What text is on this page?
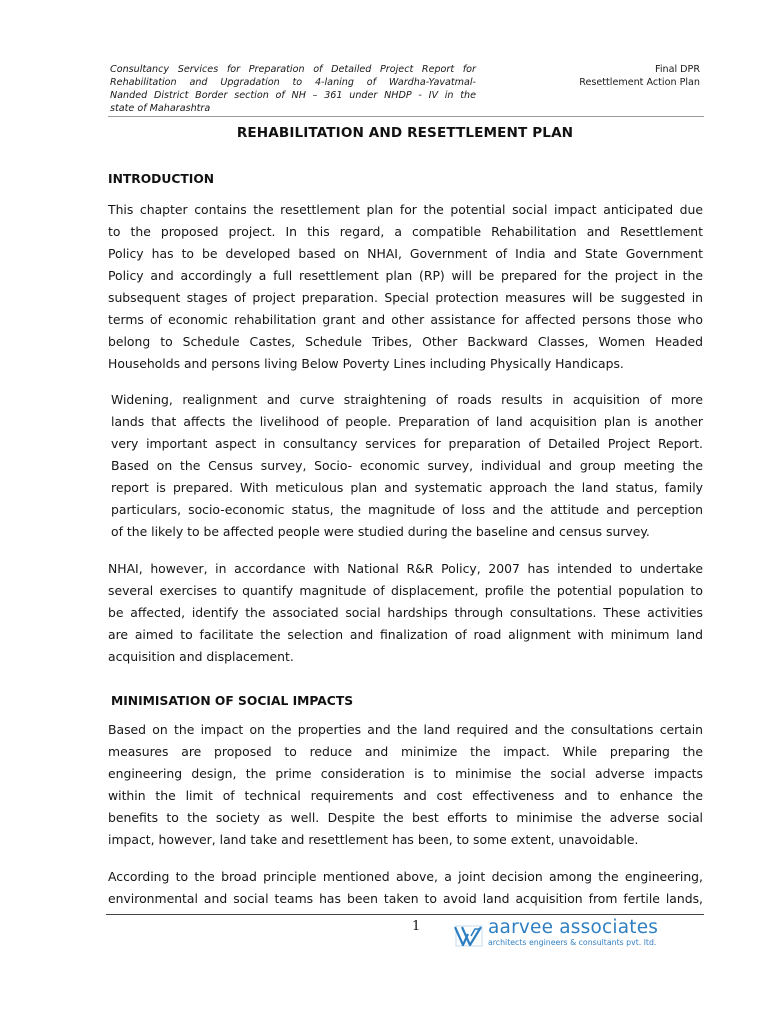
Consultancy Services for Preparation of Detailed Project Report for
Rehabilitation and Upgradation to 4-laning of Wardha-Yavatmal-
Nanded District Border section of NH – 361 under NHDP - IV in the
state of Maharashtra
Final DPR
Resettlement Action Plan
REHABILITATION AND RESETTLEMENT PLAN
INTRODUCTION
This chapter contains the resettlement plan for the potential social impact anticipated due
to the proposed project. In this regard, a compatible Rehabilitation and Resettlement
Policy has to be developed based on NHAI, Government of India and State Government
Policy and accordingly a full resettlement plan (RP) will be prepared for the project in the
subsequent stages of project preparation. Special protection measures will be suggested in
terms of economic rehabilitation grant and other assistance for affected persons those who
belong to Schedule Castes, Schedule Tribes, Other Backward Classes, Women Headed
Households and persons living Below Poverty Lines including Physically Handicaps.
Widening, realignment and curve straightening of roads results in acquisition of more
lands that affects the livelihood of people. Preparation of land acquisition plan is another
very important aspect in consultancy services for preparation of Detailed Project Report.
Based on the Census survey, Socio- economic survey, individual and group meeting the
report is prepared. With meticulous plan and systematic approach the land status, family
particulars, socio-economic status, the magnitude of loss and the attitude and perception
of the likely to be affected people were studied during the baseline and census survey.
NHAI, however, in accordance with National R&R Policy, 2007 has intended to undertake
several exercises to quantify magnitude of displacement, profile the potential population to
be affected, identify the associated social hardships through consultations. These activities
are aimed to facilitate the selection and finalization of road alignment with minimum land
acquisition and displacement.
MINIMISATION OF SOCIAL IMPACTS
Based on the impact on the properties and the land required and the consultations certain
measures are proposed to reduce and minimize the impact. While preparing the
engineering design, the prime consideration is to minimise the social adverse impacts
within the limit of technical requirements and cost effectiveness and to enhance the
benefits to the society as well. Despite the best efforts to minimise the adverse social
impact, however, land take and resettlement has been, to some extent, unavoidable.
According to the broad principle mentioned above, a joint decision among the engineering,
environmental and social teams has been taken to avoid land acquisition from fertile lands,
1	aarvee associates
architects engineers & consultants pvt. ltd.
